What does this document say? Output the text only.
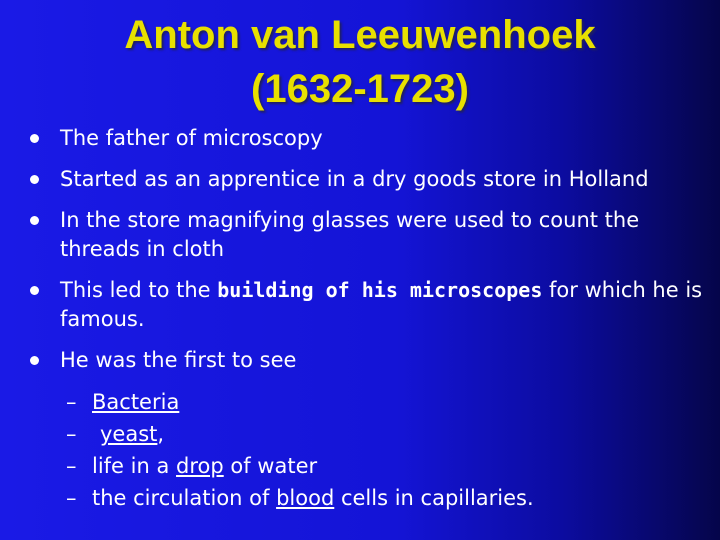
Anton van Leeuwenhoek
(1632-1723)
The father of microscopy
Started as an apprentice in a dry goods store in Holland
In the store magnifying glasses were used to count the threads in cloth
This led to the building of his microscopes for which he is famous.
He was the first to see
– Bacteria
– yeast,
– life in a drop of water
– the circulation of blood cells in capillaries.
